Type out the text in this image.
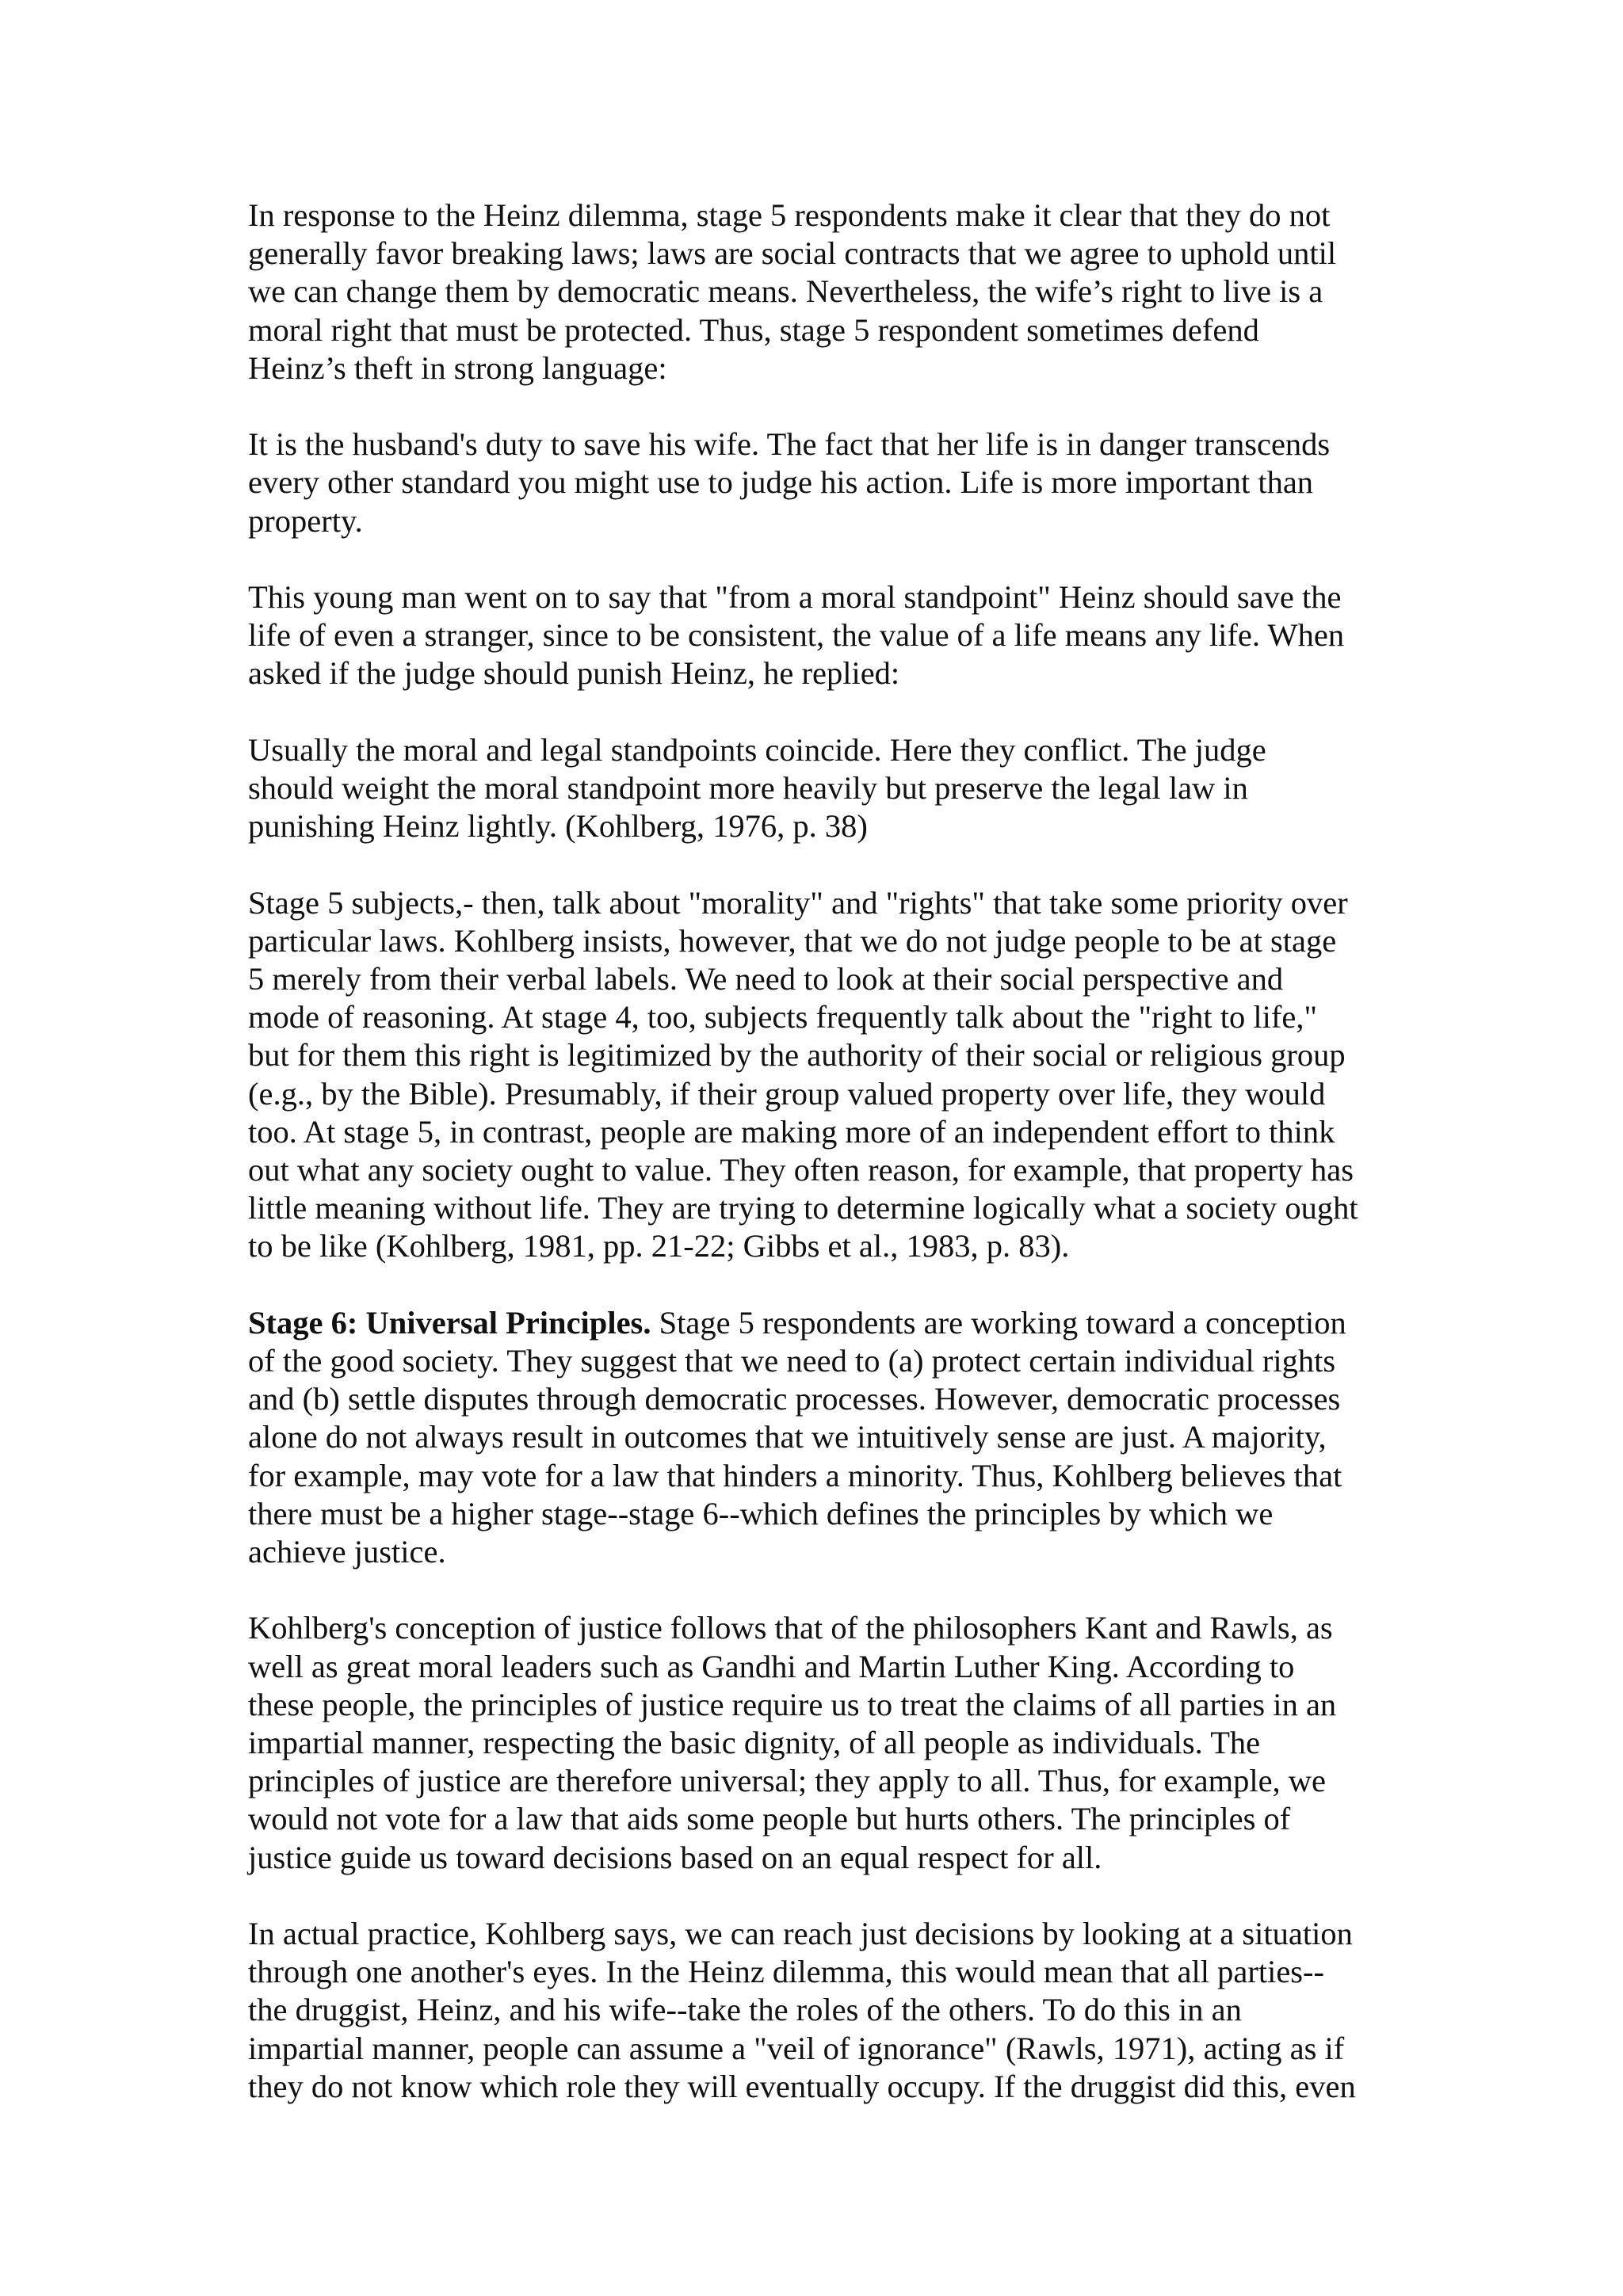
In response to the Heinz dilemma, stage 5 respondents make it clear that they do not
generally favor breaking laws; laws are social contracts that we agree to uphold until
we can change them by democratic means. Nevertheless, the wife’s right to live is a
moral right that must be protected. Thus, stage 5 respondent sometimes defend
Heinz’s theft in strong language:

It is the husband's duty to save his wife. The fact that her life is in danger transcends
every other standard you might use to judge his action. Life is more important than
property.

This young man went on to say that "from a moral standpoint" Heinz should save the
life of even a stranger, since to be consistent, the value of a life means any life. When
asked if the judge should punish Heinz, he replied:

Usually the moral and legal standpoints coincide. Here they conflict. The judge
should weight the moral standpoint more heavily but preserve the legal law in
punishing Heinz lightly. (Kohlberg, 1976, p. 38)

Stage 5 subjects,- then, talk about "morality" and "rights" that take some priority over
particular laws. Kohlberg insists, however, that we do not judge people to be at stage
5 merely from their verbal labels. We need to look at their social perspective and
mode of reasoning. At stage 4, too, subjects frequently talk about the "right to life,"
but for them this right is legitimized by the authority of their social or religious group
(e.g., by the Bible). Presumably, if their group valued property over life, they would
too. At stage 5, in contrast, people are making more of an independent effort to think
out what any society ought to value. They often reason, for example, that property has
little meaning without life. They are trying to determine logically what a society ought
to be like (Kohlberg, 1981, pp. 21-22; Gibbs et al., 1983, p. 83).

Stage 6: Universal Principles. Stage 5 respondents are working toward a conception
of the good society. They suggest that we need to (a) protect certain individual rights
and (b) settle disputes through democratic processes. However, democratic processes
alone do not always result in outcomes that we intuitively sense are just. A majority,
for example, may vote for a law that hinders a minority. Thus, Kohlberg believes that
there must be a higher stage--stage 6--which defines the principles by which we
achieve justice.

Kohlberg's conception of justice follows that of the philosophers Kant and Rawls, as
well as great moral leaders such as Gandhi and Martin Luther King. According to
these people, the principles of justice require us to treat the claims of all parties in an
impartial manner, respecting the basic dignity, of all people as individuals. The
principles of justice are therefore universal; they apply to all. Thus, for example, we
would not vote for a law that aids some people but hurts others. The principles of
justice guide us toward decisions based on an equal respect for all.

In actual practice, Kohlberg says, we can reach just decisions by looking at a situation
through one another's eyes. In the Heinz dilemma, this would mean that all parties--
the druggist, Heinz, and his wife--take the roles of the others. To do this in an
impartial manner, people can assume a "veil of ignorance" (Rawls, 1971), acting as if
they do not know which role they will eventually occupy. If the druggist did this, even
